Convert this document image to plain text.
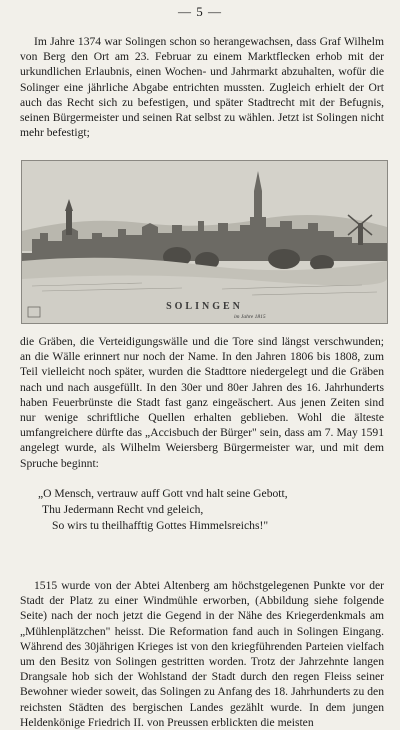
— 5 —

Im Jahre 1374 war Solingen schon so herangewachsen, dass Graf Wilhelm von Berg den Ort am 23. Februar zu einem Marktflecken erhob mit der urkundlichen Erlaubnis, einen Wochen- und Jahrmarkt abzuhalten, wofür die Solinger eine jährliche Abgabe entrichten mussten. Zugleich erhielt der Ort auch das Recht sich zu befestigen, und später Stadtrecht mit der Befugnis, seinen Bürgermeister und seinen Rat selbst zu wählen. Jetzt ist Solingen nicht mehr befestigt;

SOLINGEN
im Jahre 1815

die Gräben, die Verteidigungswälle und die Tore sind längst verschwunden; an die Wälle erinnert nur noch der Name. In den Jahren 1806 bis 1808, zum Teil vielleicht noch später, wurden die Stadttore niedergelegt und die Gräben nach und nach ausgefüllt. In den 30er und 80er Jahren des 16. Jahrhunderts haben Feuerbrünste die Stadt fast ganz eingeäschert. Aus jenen Zeiten sind nur wenige schriftliche Quellen erhalten geblieben. Wohl die älteste umfangreichere dürfte das „Accisbuch der Bürger" sein, dass am 7. May 1591 angelegt wurde, als Wilhelm Weiersberg Bürgermeister war, und mit dem Spruche beginnt:

„O Mensch, vertrauw auff Gott vnd halt seine Gebott,
Thu Jedermann Recht vnd geleich,
So wirs tu theilhafftig Gottes Himmelsreichs!"

1515 wurde von der Abtei Altenberg am höchstgelegenen Punkte vor der Stadt der Platz zu einer Windmühle erworben, (Abbildung siehe folgende Seite) nach der noch jetzt die Gegend in der Nähe des Kriegerdenkmals am „Mühlenplätzchen" heisst. Die Reformation fand auch in Solingen Eingang. Während des 30jährigen Krieges ist von den kriegführenden Parteien vielfach um den Besitz von Solingen gestritten worden. Trotz der Jahrzehnte langen Drangsale hob sich der Wohlstand der Stadt durch den regen Fleiss seiner Bewohner wieder soweit, das Solingen zu Anfang des 18. Jahrhunderts zu den reichsten Städten des bergischen Landes gezählt wurde. In dem jungen Heldenkönige Friedrich II. von Preussen erblickten die meisten
